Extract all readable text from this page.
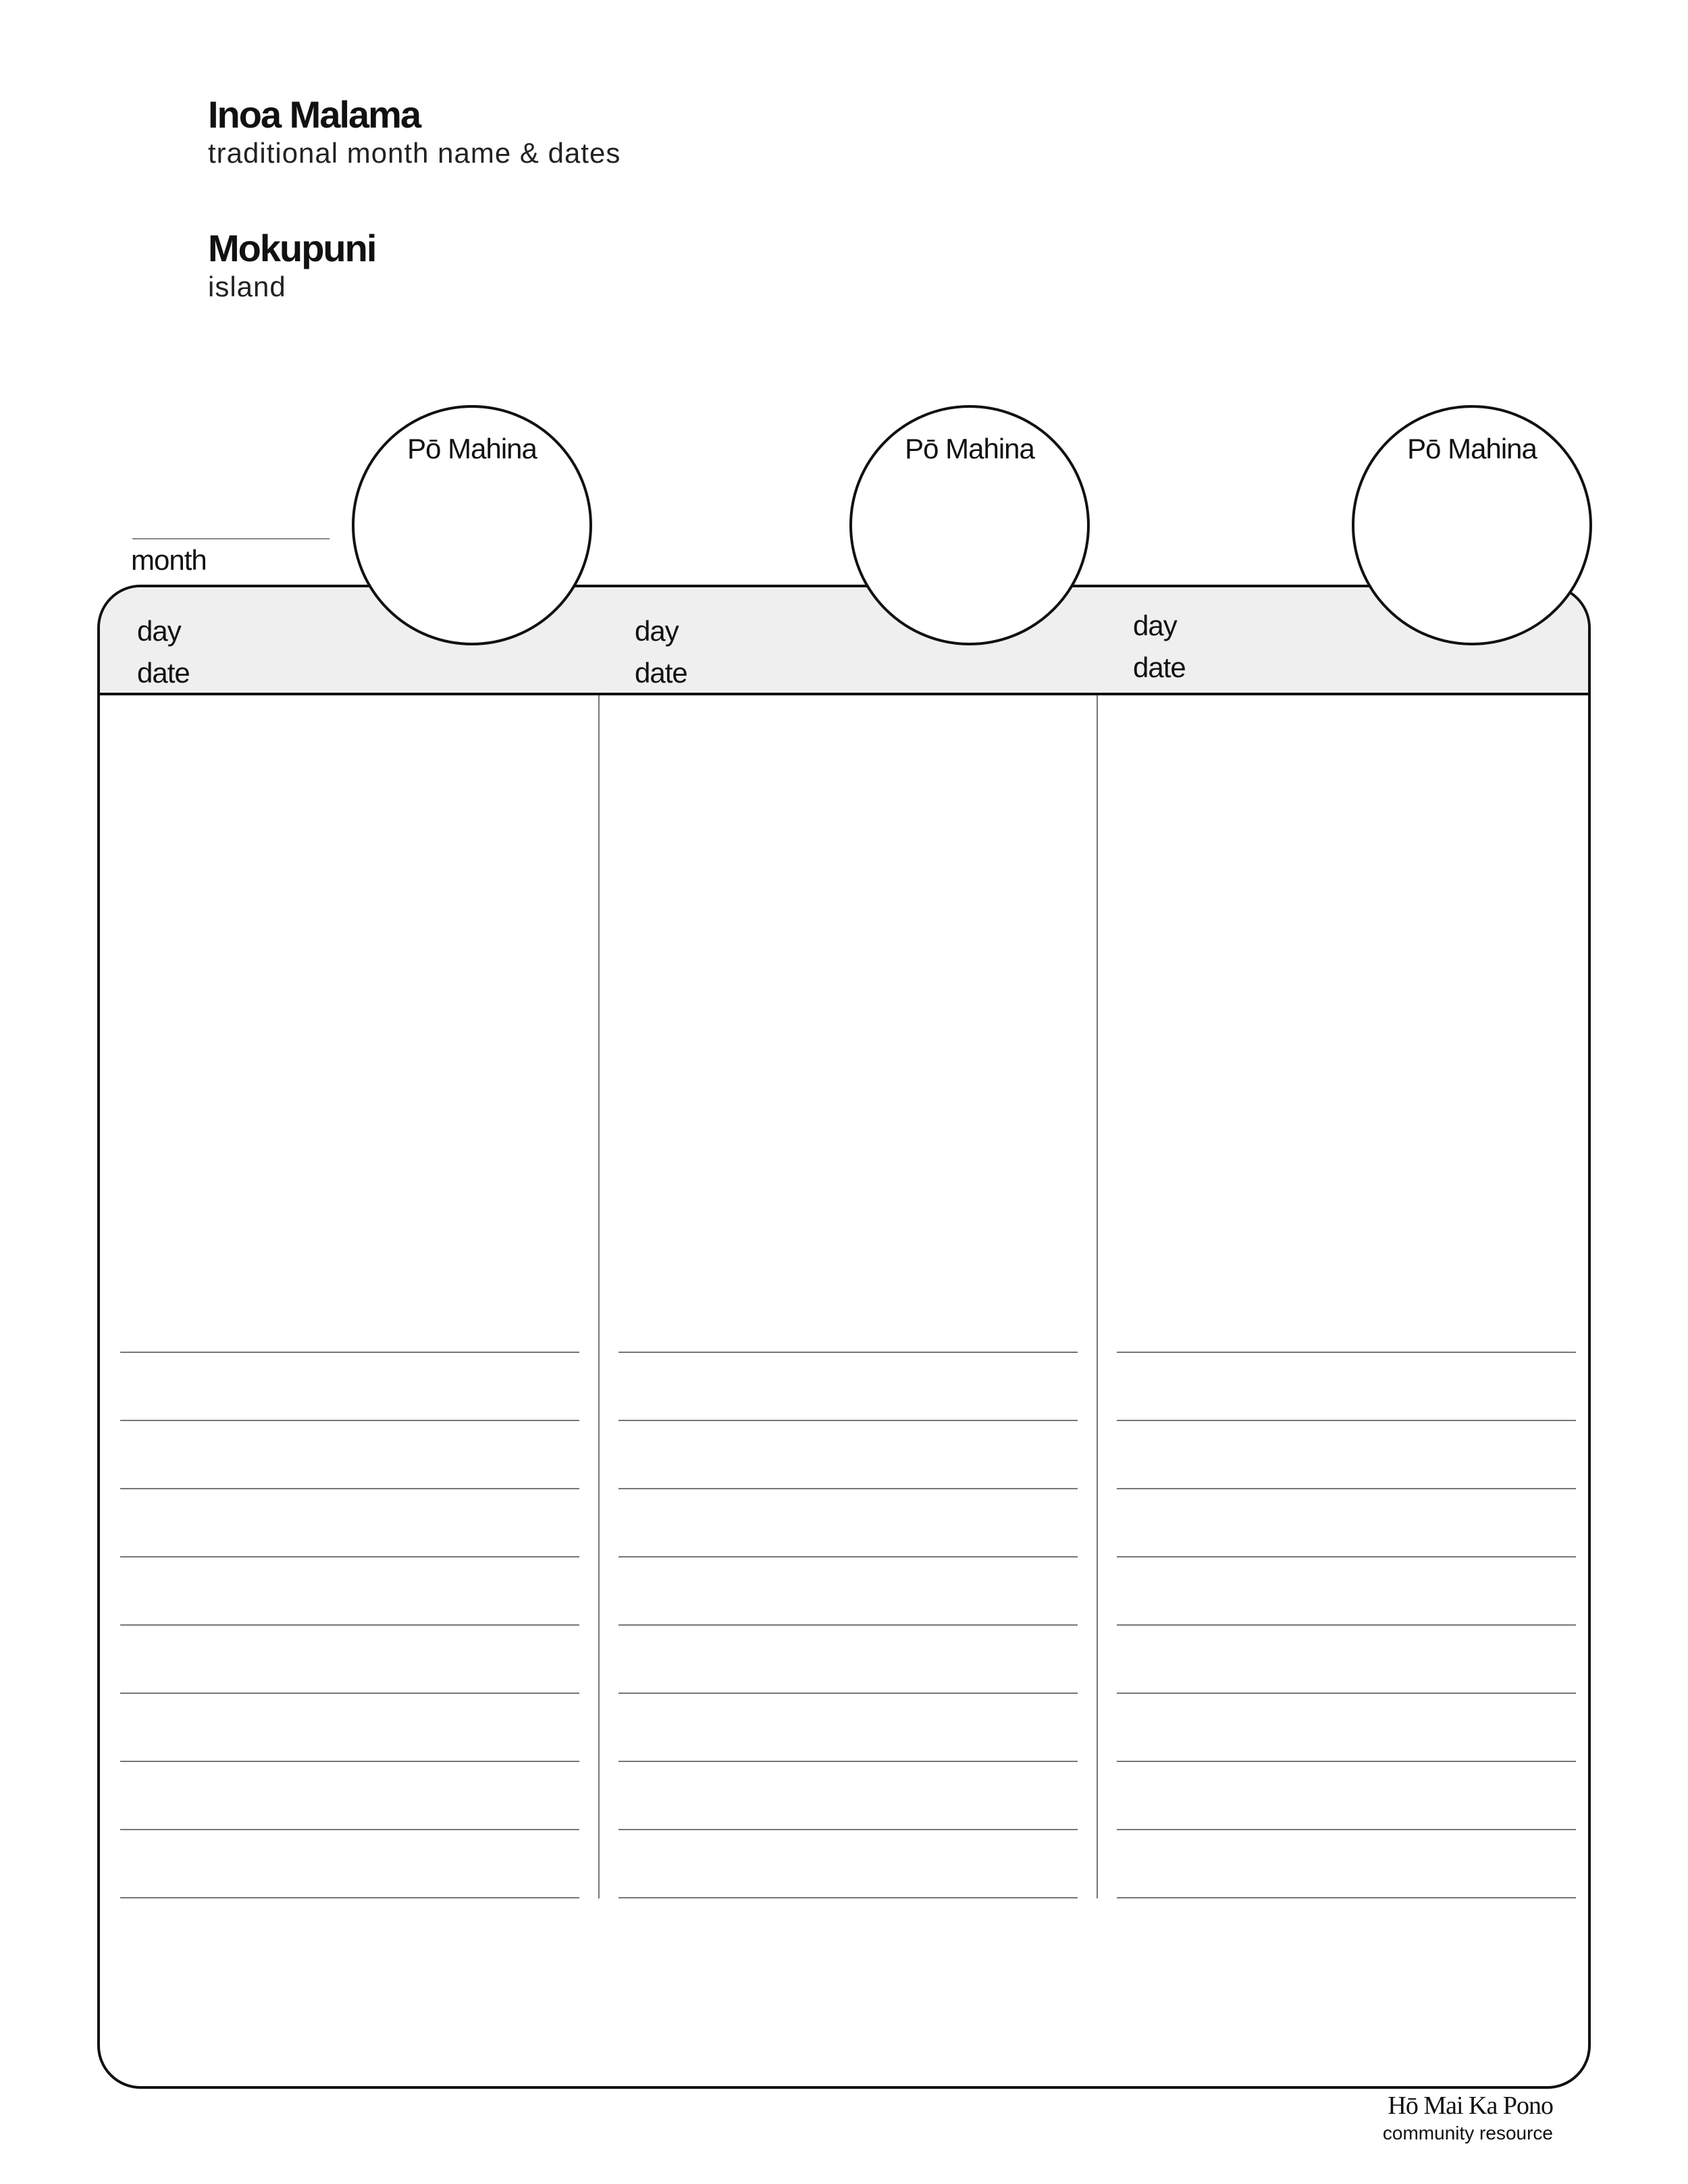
Inoa Malama
traditional month name & dates
Mokupuni
island
month
day
date
day
date
day
date
Pō Mahina	Pō Mahina	Pō Mahina
Hō Mai Ka Pono
community resource
